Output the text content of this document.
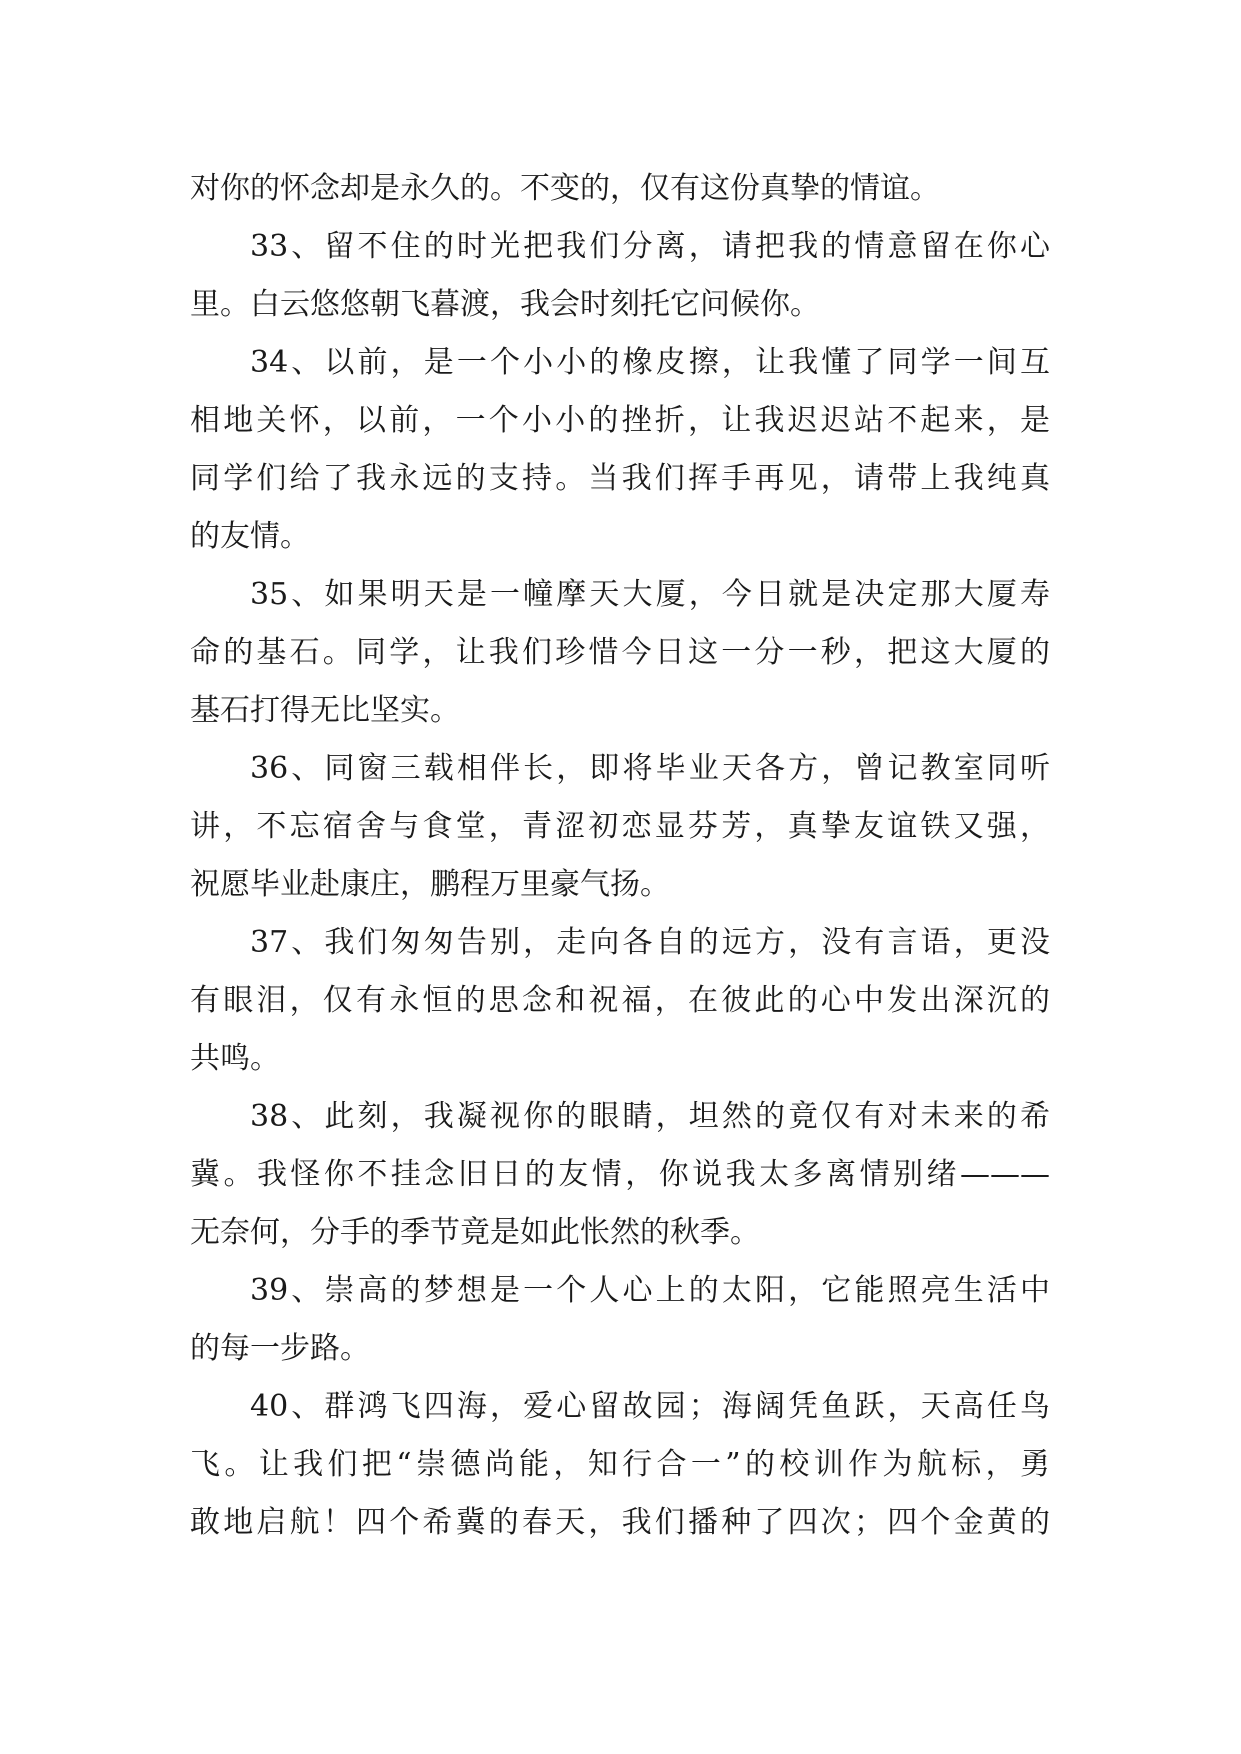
对你的怀念却是永久的。不变的，仅有这份真挚的情谊。
33、留不住的时光把我们分离，请把我的情意留在你心
里。白云悠悠朝飞暮渡，我会时刻托它问候你。
34、以前，是一个小小的橡皮擦，让我懂了同学一间互
相地关怀，以前，一个小小的挫折，让我迟迟站不起来，是
同学们给了我永远的支持。当我们挥手再见，请带上我纯真
的友情。
35、如果明天是一幢摩天大厦，今日就是决定那大厦寿
命的基石。同学，让我们珍惜今日这一分一秒，把这大厦的
基石打得无比坚实。
36、同窗三载相伴长，即将毕业天各方，曾记教室同听
讲，不忘宿舍与食堂，青涩初恋显芬芳，真挚友谊铁又强，
祝愿毕业赴康庄，鹏程万里豪气扬。
37、我们匆匆告别，走向各自的远方，没有言语，更没
有眼泪，仅有永恒的思念和祝福，在彼此的心中发出深沉的
共鸣。
38、此刻，我凝视你的眼睛，坦然的竟仅有对未来的希
冀。我怪你不挂念旧日的友情，你说我太多离情别绪———
无奈何，分手的季节竟是如此怅然的秋季。
39、崇高的梦想是一个人心上的太阳，它能照亮生活中
的每一步路。
40、群鸿飞四海，爱心留故园；海阔凭鱼跃，天高任鸟
飞。让我们把“崇德尚能，知行合一”的校训作为航标，勇
敢地启航！四个希冀的春天，我们播种了四次；四个金黄的
